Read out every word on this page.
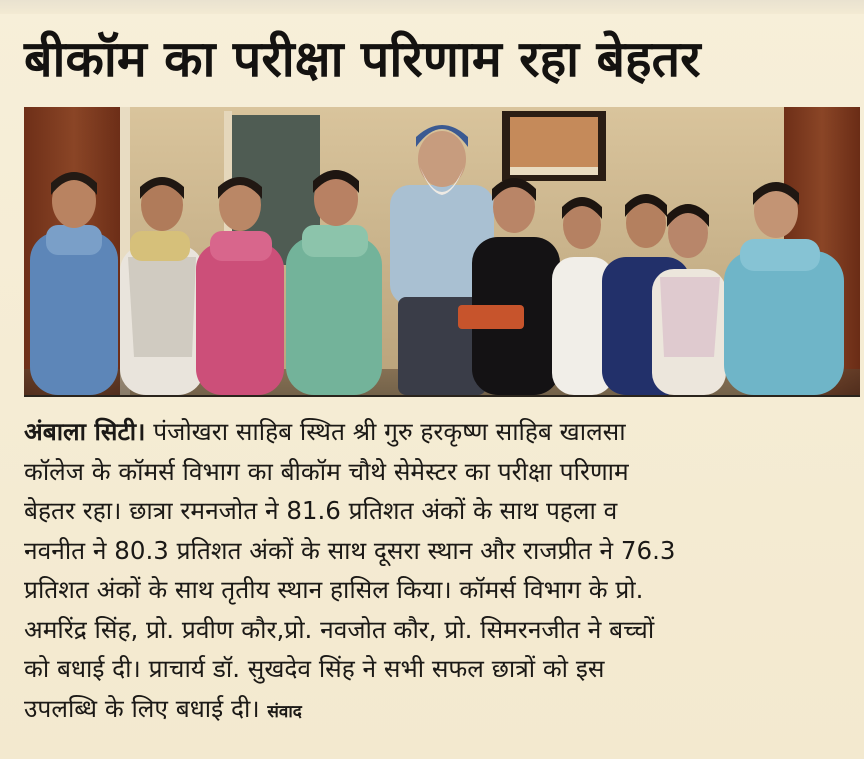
बीकॉम का परीक्षा परिणाम रहा बेहतर
अंबाला सिटी। पंजोखरा साहिब स्थित श्री गुरु हरकृष्ण साहिब खालसा
कॉलेज के कॉमर्स विभाग का बीकॉम चौथे सेमेस्टर का परीक्षा परिणाम
बेहतर रहा। छात्रा रमनजोत ने 81.6 प्रतिशत अंकों के साथ पहला व
नवनीत ने 80.3 प्रतिशत अंकों के साथ दूसरा स्थान और राजप्रीत ने 76.3
प्रतिशत अंकों के साथ तृतीय स्थान हासिल किया। कॉमर्स विभाग के प्रो.
अमरिंद्र सिंह, प्रो. प्रवीण कौर,प्रो. नवजोत कौर, प्रो. सिमरनजीत ने बच्चों
को बधाई दी। प्राचार्य डॉ. सुखदेव सिंह ने सभी सफल छात्रों को इस
उपलब्धि के लिए बधाई दी। संवाद
